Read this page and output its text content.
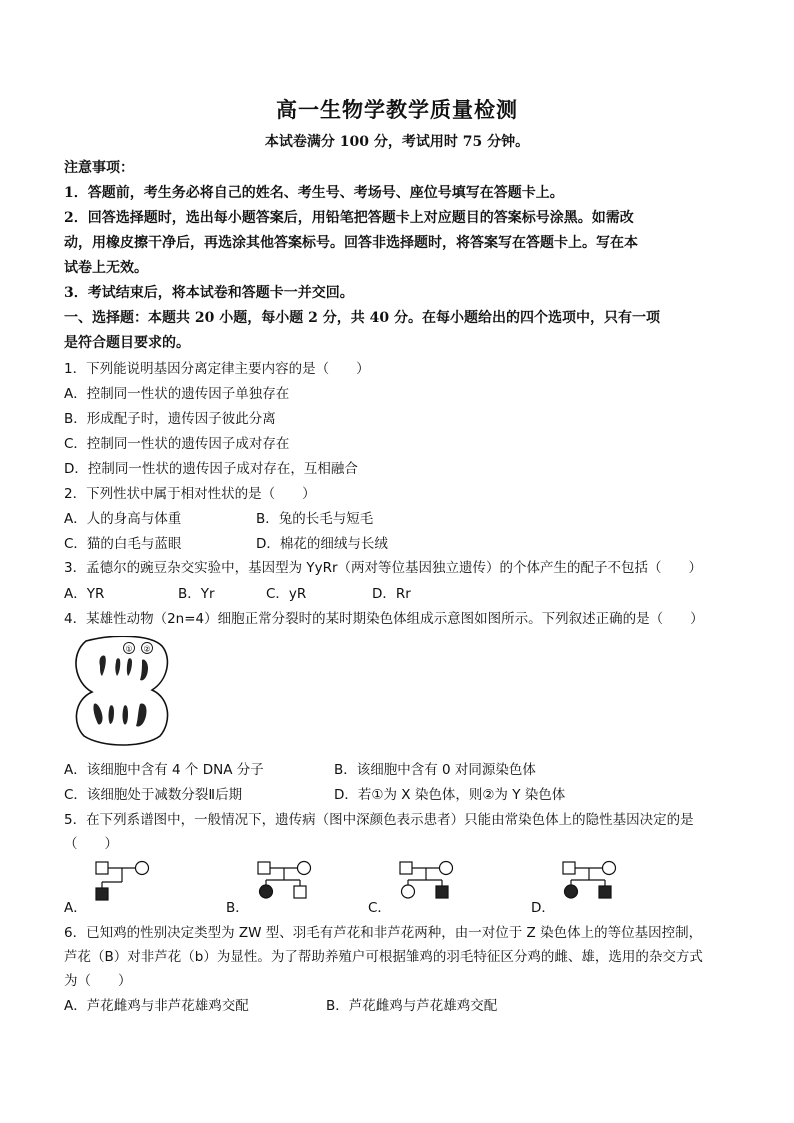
高一生物学教学质量检测
本试卷满分 100 分，考试用时 75 分钟。
注意事项：
1．答题前，考生务必将自己的姓名、考生号、考场号、座位号填写在答题卡上。
2．回答选择题时，选出每小题答案后，用铅笔把答题卡上对应题目的答案标号涂黑。如需改
动，用橡皮擦干净后，再选涂其他答案标号。回答非选择题时，将答案写在答题卡上。写在本
试卷上无效。
3．考试结束后，将本试卷和答题卡一并交回。
一、选择题：本题共 20 小题，每小题 2 分，共 40 分。在每小题给出的四个选项中，只有一项
是符合题目要求的。
1．下列能说明基因分离定律主要内容的是（　　）
A．控制同一性状的遗传因子单独存在
B．形成配子时，遗传因子彼此分离
C．控制同一性状的遗传因子成对存在
D．控制同一性状的遗传因子成对存在，互相融合
2．下列性状中属于相对性状的是（　　）
A．人的身高与体重	B．兔的长毛与短毛
C．猫的白毛与蓝眼	D．棉花的细绒与长绒
3．孟德尔的豌豆杂交实验中，基因型为 YyRr（两对等位基因独立遗传）的个体产生的配子不包括（　　）
A．YR	B．Yr	C．yR	D．Rr
4．某雄性动物（2n=4）细胞正常分裂时的某时期染色体组成示意图如图所示。下列叙述正确的是（　　）
① ②
A．该细胞中含有 4 个 DNA 分子	B．该细胞中含有 0 对同源染色体
C．该细胞处于减数分裂Ⅱ后期	D．若①为 X 染色体，则②为 Y 染色体
5．在下列系谱图中，一般情况下，遗传病（图中深颜色表示患者）只能由常染色体上的隐性基因决定的是
（　　）
A．	B．	C．	D．
6．已知鸡的性别决定类型为 ZW 型、羽毛有芦花和非芦花两种，由一对位于 Z 染色体上的等位基因控制，
芦花（B）对非芦花（b）为显性。为了帮助养殖户可根据雏鸡的羽毛特征区分鸡的雌、雄，选用的杂交方式
为（　　）
A．芦花雌鸡与非芦花雄鸡交配	B．芦花雌鸡与芦花雄鸡交配
